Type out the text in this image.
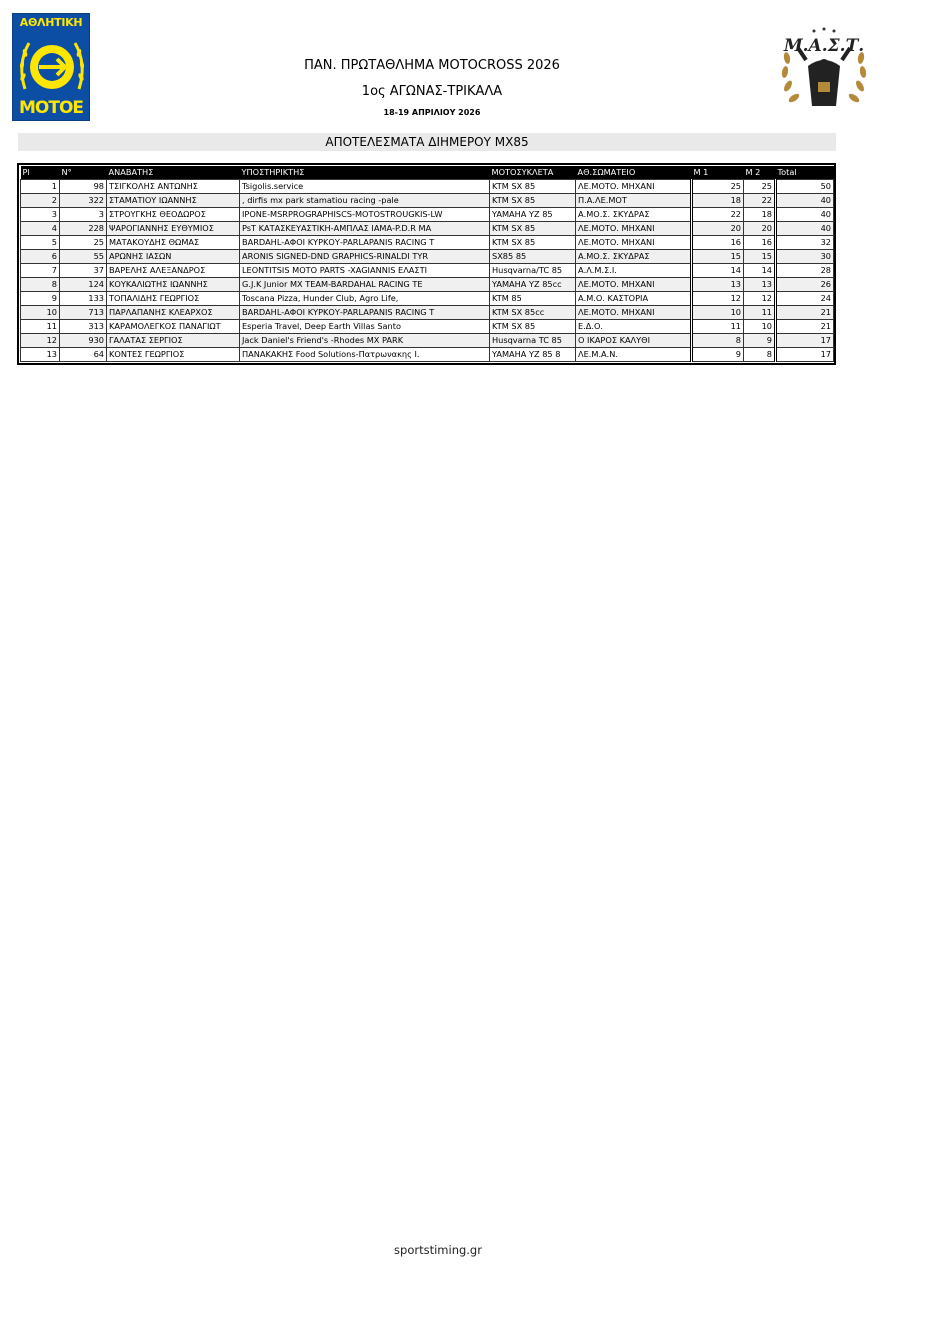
ΑΘΛΗΤΙΚΗ
ΜΟΤΟΕ
Μ.Α.Σ.Τ.
ΠΑΝ. ΠΡΩΤΑΘΛΗΜΑ MOTOCROSS 2026
1ος ΑΓΩΝΑΣ-ΤΡΙΚΑΛΑ
18-19 ΑΠΡΙΛΙΟΥ 2026
ΑΠΟΤΕΛΕΣΜΑΤΑ ΔΙΗΜΕΡΟΥ ΜΧ85
Pl	N°	ΑΝΑΒΑΤΗΣ	ΥΠΟΣΤΗΡΙΚΤΗΣ	ΜΟΤΟΣΥΚΛΕΤΑ	ΑΘ.ΣΩΜΑΤΕΙΟ	M 1	M 2	Total
1	98	ΤΣΙΓΚΟΛΗΣ ΑΝΤΩΝΗΣ	Tsigolis.service	KTM SX 85	ΛΕ.ΜΟΤΟ. ΜΗΧΑΝΙ	25	25	50
2	322	ΣΤΑΜΑΤΙΟΥ ΙΩΑΝΝΗΣ	, dirfis mx park stamatiou racing -pale	KTM SX 85	Π.Α.ΛΕ.ΜΟΤ	18	22	40
3	3	ΣΤΡΟΥΓΚΗΣ ΘΕΟΔΩΡΟΣ	IPONE-MSRPROGRAPHISCS-MOTOSTROUGKIS-LW	YAMAHA YZ 85	Α.ΜΟ.Σ. ΣΚΥΔΡΑΣ	22	18	40
4	228	ΨΑΡΟΓΙΑΝΝΗΣ ΕΥΘΥΜΙΟΣ	PsT ΚΑΤΑΣΚΕΥΑΣΤΙΚΗ-ΑΜΠΛΑΣ ΙΑΜΑ-P.D.R MA	KTM SX 85	ΛΕ.ΜΟΤΟ. ΜΗΧΑΝΙ	20	20	40
5	25	ΜΑΤΑΚΟΥΔΗΣ ΘΩΜΑΣ	BARDAHL-ΑΦΟΙ ΚΥΡΚΟΥ-PARLAPANIS RACING T	KTM SX 85	ΛΕ.ΜΟΤΟ. ΜΗΧΑΝΙ	16	16	32
6	55	ΑΡΩΝΗΣ ΙΑΣΩΝ	ARONIS SIGNED-DND GRAPHICS-RINALDI TYR	SX85 85	Α.ΜΟ.Σ. ΣΚΥΔΡΑΣ	15	15	30
7	37	ΒΑΡΕΛΗΣ ΑΛΕΞΑΝΔΡΟΣ	LEONTITSIS MOTO PARTS -XAGIANNIS ΕΛΑΣΤΙ	Husqvarna/TC 85	Α.Λ.Μ.Σ.Ι.	14	14	28
8	124	ΚΟΥΚΑΛΙΩΤΗΣ ΙΩΑΝΝΗΣ	G.J.K Junior MX TEAM-BARDAHAL RACING TE	YAMAHA YZ 85cc	ΛΕ.ΜΟΤΟ. ΜΗΧΑΝΙ	13	13	26
9	133	ΤΟΠΑΛΙΔΗΣ ΓΕΩΡΓΙΟΣ	Toscana Pizza, Hunder Club, Agro Life,	KTM 85	Α.Μ.Ο. ΚΑΣΤΟΡΙΑ	12	12	24
10	713	ΠΑΡΛΑΠΑΝΗΣ ΚΛΕΑΡΧΟΣ	BARDAHL-ΑΦΟΙ ΚΥΡΚΟΥ-PARLAPANIS RACING T	KTM SX 85cc	ΛΕ.ΜΟΤΟ. ΜΗΧΑΝΙ	10	11	21
11	313	ΚΑΡΑΜΟΛΕΓΚΟΣ ΠΑΝΑΓΙΩΤ	Esperia Travel, Deep Earth Villas Santo	KTM SX 85	Ε.Δ.Ο.	11	10	21
12	930	ΓΑΛΑΤΑΣ ΣΕΡΓΙΟΣ	Jack Daniel's Friend's -Rhodes MX PARK	Husqvarna TC 85	Ο ΙΚΑΡΟΣ ΚΑΛΥΘΙ	8	9	17
13	64	ΚΟΝΤΕΣ ΓΕΩΡΓΙΟΣ	ΠΑΝΑΚΑΚΗΣ Food Solutions-Πατρωνακης Ι.	YAMAHA YZ 85 8	ΛΕ.Μ.Α.Ν.	9	8	17
sportstiming.gr
